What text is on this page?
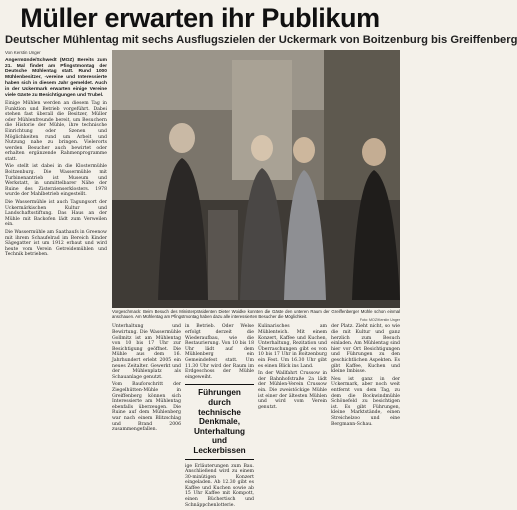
Müller erwarten ihr Publikum
Deutscher Mühlentag mit sechs Ausflugszielen der Uckermark von Boitzenburg bis Greiffenberg
Von Kerstin Unger
Angermünde/Schwedt (MOZ) Bereits zum 21. Mal findet am Pfingstmontag der Deutsche Mühlentag statt. Rund 1000 Mühlenbesitzer, -vereine und Interessierte haben sich in diesem Jahr gemeldet. Auch in der Uckermark erwarten einige Vereine viele Gäste zu Besichtigungen und Trubel.

Einige Mühlen werden an diesem Tag in Funktion und Betrieb vorgeführt. Dabei stehen fast überall die Besitzer, Müller oder Mühlenfreunde bereit, um Besuchern die Historie der Mühle, ihre technische Einrichtung oder Szenen und Möglichkeiten rund um Arbeit und Nutzung nahe zu bringen. Vielerorts werden Besucher auch bewirtet oder erhalten ergänzende Rahmenprogramme statt.

Wie stellt ist dabei in die Klostermühle Boitzenburg. Die Wassermühle mit Turbinenantrieb ist Museum und Werkstatt, in unmittelbarer Nähe der Ruine des Zisterzienserklosters. 1978 wurde der Mahlbetrieb eingestellt.

Die Wassermühle ist auch Tagungsort der Uckermärkischen Kultur und Landschaftsstiftung. Das Haus an der Mühle mit Backofen lädt zum Verweilen ein.

Die Wassermühle am Saathaufs in Greenow mit ihrem Schaufelrad im Bereich Kinder Sägegatter ist um 1912 erbaut und wird heute vom Verein Getreidemühlen und Technik betrieben.

Vorgeschmack: Beim Besuch des Ministerpräsidenten Dieter Woidke konnten die Gäste den unteren Raum der Greiffenberger Mühle schon einmal anschauen. Am Mühlentag am Pfingstmontag haben dazu alle interessierten Besucher die Möglichkeit.
Foto: MOZ/Kerstin Unger

Unterhaltung und Bewirtung. Die Wassermühle Gollmitz ist am Mühlentag von 10 bis 17 Uhr zur Besichtigung geöffnet. Die Mühle aus dem 16. Jahrhundert erlebt 2005 ein neues Zeitalter. Gewerkt und der Mühlenplatz als Schauanlage genutzt.

Vom Bauforschritt der Ziegelhütten-Mühle in Greiffenberg können sich Interessierte am Mühlentag ebenfalls überzeugen. Die Ruine auf dem Mühlenberg war nach einem Blitzschlag und Brand 2006 zusammengefallen.

in Betrieb. Oder Welse erfolgt derzeit die Wiederaufbau, wie die Restaurierung. Von 10 bis 18 Uhr lädt auf dem Mühlenberg ein Gemeindefest statt. Um 11.30 Uhr wird der Raum im Erdgeschoss der Mühle eingeweiht.

Führungen durch technische Denkmale, Unterhaltung und Leckerbissen

ige Erläuterungen zum Bau. Anschließend wird zu einem 30-minütigen Konzert eingeladen. Ab 12.30 gibt es Kaffee und Kuchen sowie ab 15 Uhr Kaffee mit Kompott, einen Büchertisch und Schnäppchenlotterie.

Kulinarisches am Mühlenteich. Mit einem Konzert, Kaffee und Kuchen, Unterhaltung, Rezitation und Überraschungen gibt es von 10 bis 17 Uhr in Boitzenburg ein Fest. Um 16.30 Uhr gibt es einen Blick ins Land.

In der Wallfahrt Crussow in der Bahnhofstraße 2a lädt der Mühlen-Verein Crussow ein. Die zweistöckige Mühle ist einer der ältesten Mühlen und wird vom Verein genutzt.

der Platz. Zieht nicht, so wie die mit Kultur und ganz herzlich zum Besuch einladen. Am Mühlentag sind hier vor Ort Besichtigungen und Führungen zu den geschichtlichen Aspekten. Es gibt Kaffee, Kuchen und kleine Imbisse.

Neu ist ganz in der Uckermark, aber noch weit entfernt von dem Tag, zu dem die Bockwindmühle Schönefeld zu besichtigen ist. Es gibt Führungen, kleine Marktstände, einen Streichelzoo und eine Bergmann-Schau.
